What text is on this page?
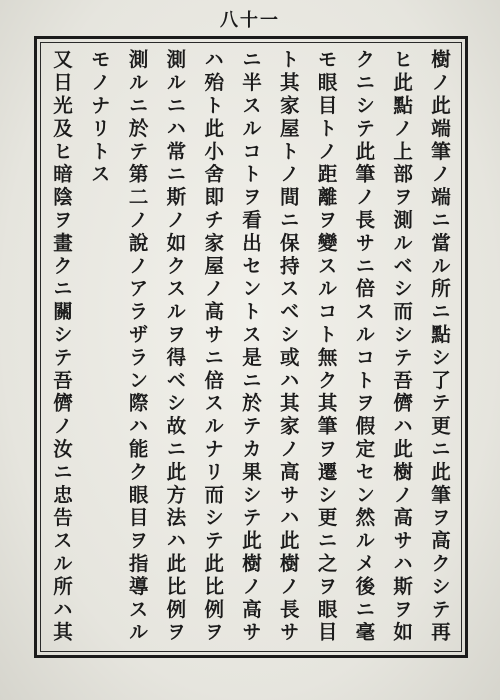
八十一
樹ノ此端筆ノ端ニ當ル所ニ點シ了テ更ニ此筆ヲ高クシテ再
ヒ此點ノ上部ヲ測ルベシ而シテ吾儕ハ此樹ノ高サハ斯ヲ如
クニシテ此筆ノ長サニ倍スルコトヲ假定セン然ルメ後ニ毫
モ眼目トノ距離ヲ變スルコト無ク其筆ヲ遷シ更ニ之ヲ眼目
ト其家屋トノ間ニ保持スベシ或ハ其家ノ高サハ此樹ノ長サ
ニ半スルコトヲ看出セントス是ニ於テカ果シテ此樹ノ高サ
ハ殆ト此小舍即チ家屋ノ高サニ倍スルナリ而シテ此比例ヲ
測ルニハ常ニ斯ノ如クスルヲ得ベシ故ニ此方法ハ此比例ヲ
測ルニ於テ第二ノ說ノアラザラン際ハ能ク眼目ヲ指導スル
モノナリトス
又日光及ヒ暗陰ヲ畫クニ關シテ吾儕ノ汝ニ忠告スル所ハ其
